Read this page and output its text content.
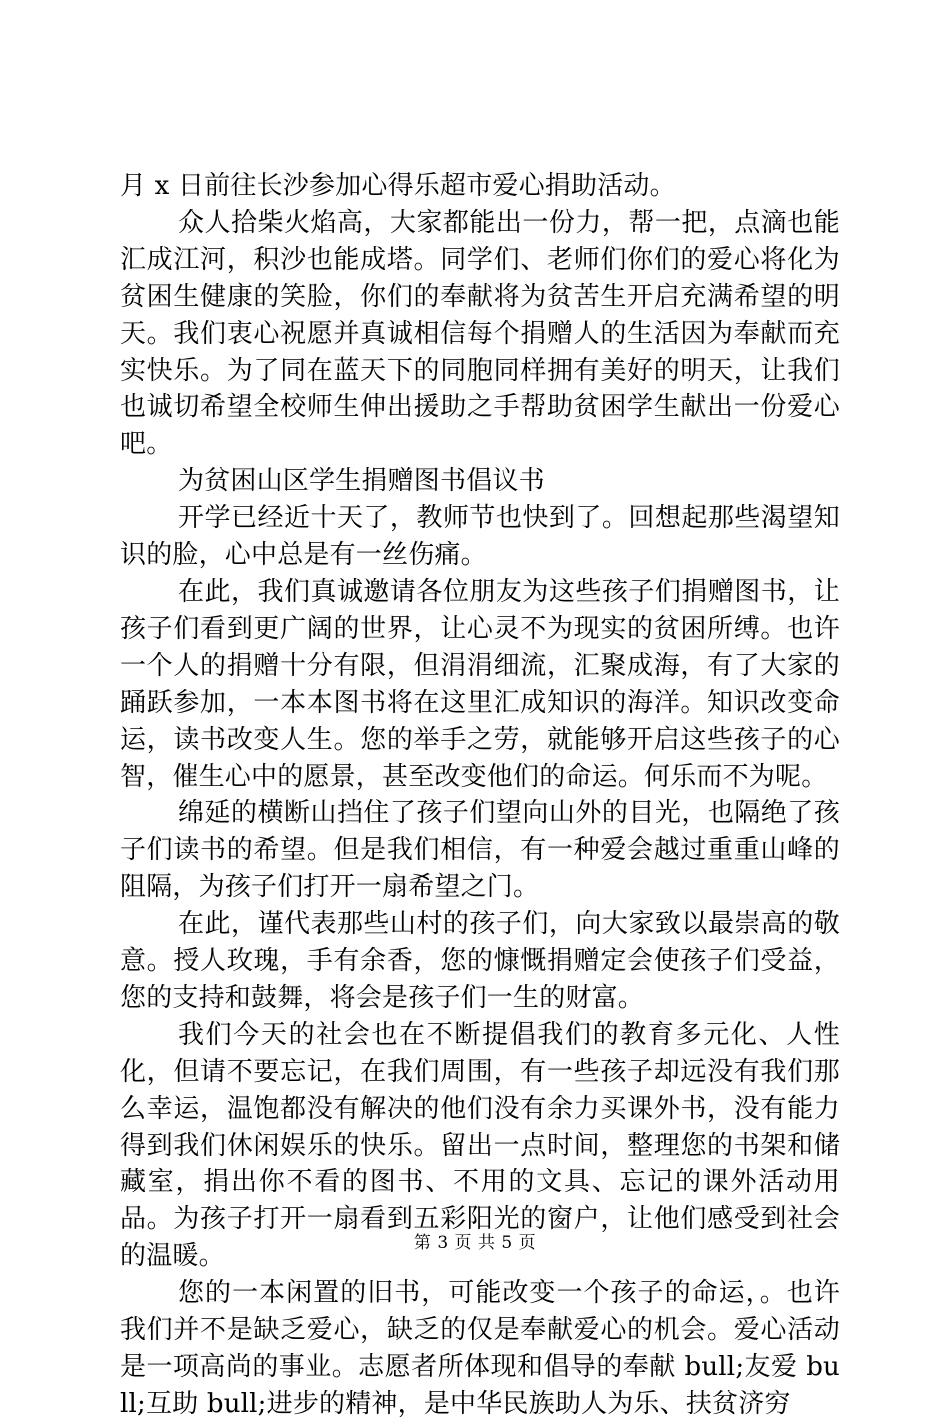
月 x 日前往长沙参加心得乐超市爱心捐助活动。

众人拾柴火焰高，大家都能出一份力，帮一把，点滴也能汇成江河，积沙也能成塔。同学们、老师们你们的爱心将化为贫困生健康的笑脸，你们的奉献将为贫苦生开启充满希望的明天。我们衷心祝愿并真诚相信每个捐赠人的生活因为奉献而充实快乐。为了同在蓝天下的同胞同样拥有美好的明天，让我们也诚切希望全校师生伸出援助之手帮助贫困学生献出一份爱心吧。

为贫困山区学生捐赠图书倡议书

开学已经近十天了，教师节也快到了。回想起那些渴望知识的脸，心中总是有一丝伤痛。

在此，我们真诚邀请各位朋友为这些孩子们捐赠图书，让孩子们看到更广阔的世界，让心灵不为现实的贫困所缚。也许一个人的捐赠十分有限，但涓涓细流，汇聚成海，有了大家的踊跃参加，一本本图书将在这里汇成知识的海洋。知识改变命运，读书改变人生。您的举手之劳，就能够开启这些孩子的心智，催生心中的愿景，甚至改变他们的命运。何乐而不为呢。

绵延的横断山挡住了孩子们望向山外的目光，也隔绝了孩子们读书的希望。但是我们相信，有一种爱会越过重重山峰的阻隔，为孩子们打开一扇希望之门。

在此，谨代表那些山村的孩子们，向大家致以最崇高的敬意。授人玫瑰，手有余香，您的慷慨捐赠定会使孩子们受益，您的支持和鼓舞，将会是孩子们一生的财富。

我们今天的社会也在不断提倡我们的教育多元化、人性化，但请不要忘记，在我们周围，有一些孩子却远没有我们那么幸运，温饱都没有解决的他们没有余力买课外书，没有能力得到我们休闲娱乐的快乐。留出一点时间，整理您的书架和储藏室，捐出你不看的图书、不用的文具、忘记的课外活动用品。为孩子打开一扇看到五彩阳光的窗户，让他们感受到社会的温暖。

您的一本闲置的旧书，可能改变一个孩子的命运，。也许我们并不是缺乏爱心，缺乏的仅是奉献爱心的机会。爱心活动是一项高尚的事业。志愿者所体现和倡导的奉献 bull;友爱 bull;互助 bull;进步的精神，是中华民族助人为乐、扶贫济穷

第 3 页 共 5 页
